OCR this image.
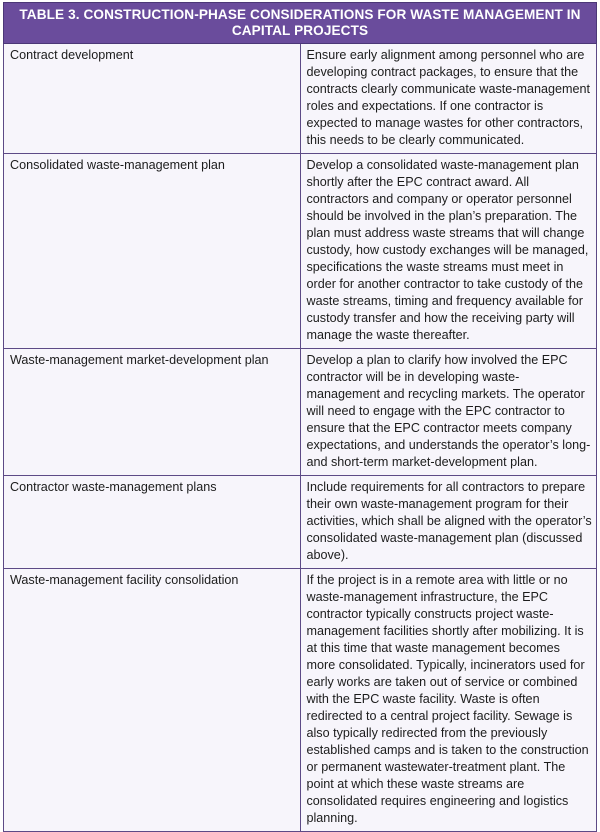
TABLE 3. CONSTRUCTION-PHASE CONSIDERATIONS FOR WASTE MANAGEMENT IN
CAPITAL PROJECTS	
Contract development	Ensure early alignment among personnel who are developing contract packages, to ensure that the contracts clearly communicate waste-management roles and expectations. If one contractor is expected to manage wastes for other contractors, this needs to be clearly communicated.
Consolidated waste-management plan	Develop a consolidated waste-management plan shortly after the EPC contract award. All contractors and company or operator personnel should be involved in the plan’s preparation. The plan must address waste streams that will change custody, how custody exchanges will be managed, specifications the waste streams must meet in order for another contractor to take custody of the waste streams, timing and frequency available for custody transfer and how the receiving party will manage the waste thereafter.
Waste-management market-development plan	Develop a plan to clarify how involved the EPC contractor will be in developing waste-management and recycling markets. The operator will need to engage with the EPC contractor to ensure that the EPC contractor meets company expectations, and understands the operator’s long- and short-term market-development plan.
Contractor waste-management plans	Include requirements for all contractors to prepare their own waste-management program for their activities, which shall be aligned with the operator’s consolidated waste-management plan (discussed above).
Waste-management facility consolidation	If the project is in a remote area with little or no waste-management infrastructure, the EPC contractor typically constructs project waste-management facilities shortly after mobilizing. It is at this time that waste management becomes more consolidated. Typically, incinerators used for early works are taken out of service or combined with the EPC waste facility. Waste is often redirected to a central project facility. Sewage is also typically redirected from the previously established camps and is taken to the construction or permanent wastewater-treatment plant. The point at which these waste streams are consolidated requires engineering and logistics planning.
